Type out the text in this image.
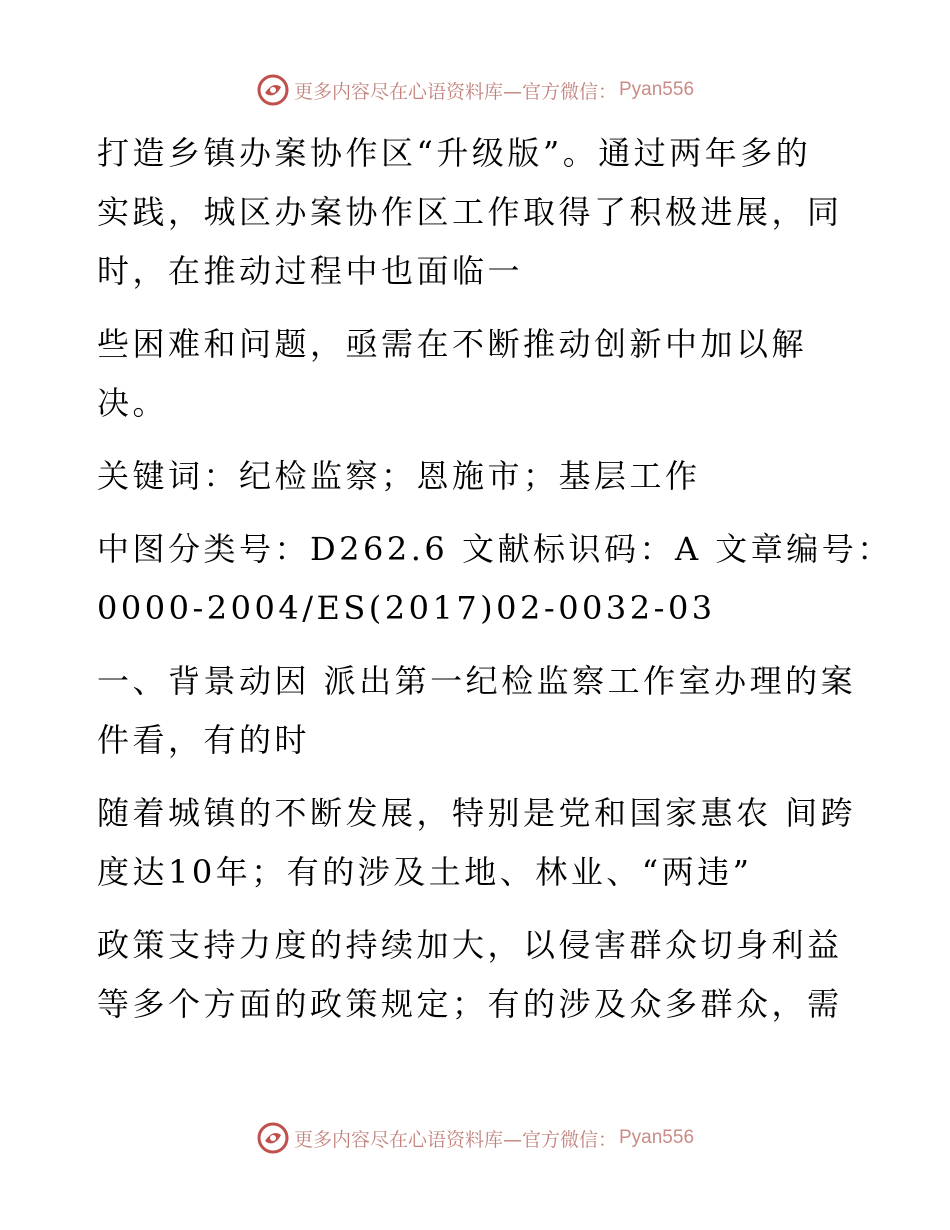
更多内容尽在心语资料库—官方微信： Pyan556
打造乡镇办案协作区“升级版”。通过两年多的
实践，城区办案协作区工作取得了积极进展，同
时，在推动过程中也面临一
些困难和问题，亟需在不断推动创新中加以解
决。
关键词：纪检监察；恩施市；基层工作
中图分类号：D262.6 文献标识码：A 文章编号：
0000-2004/ES(2017)02-0032-03
一、背景动因 派出第一纪检监察工作室办理的案
件看，有的时
随着城镇的不断发展，特别是党和国家惠农 间跨
度达10年；有的涉及土地、林业、“两违”
政策支持力度的持续加大，以侵害群众切身利益
等多个方面的政策规定；有的涉及众多群众，需
更多内容尽在心语资料库—官方微信： Pyan556
